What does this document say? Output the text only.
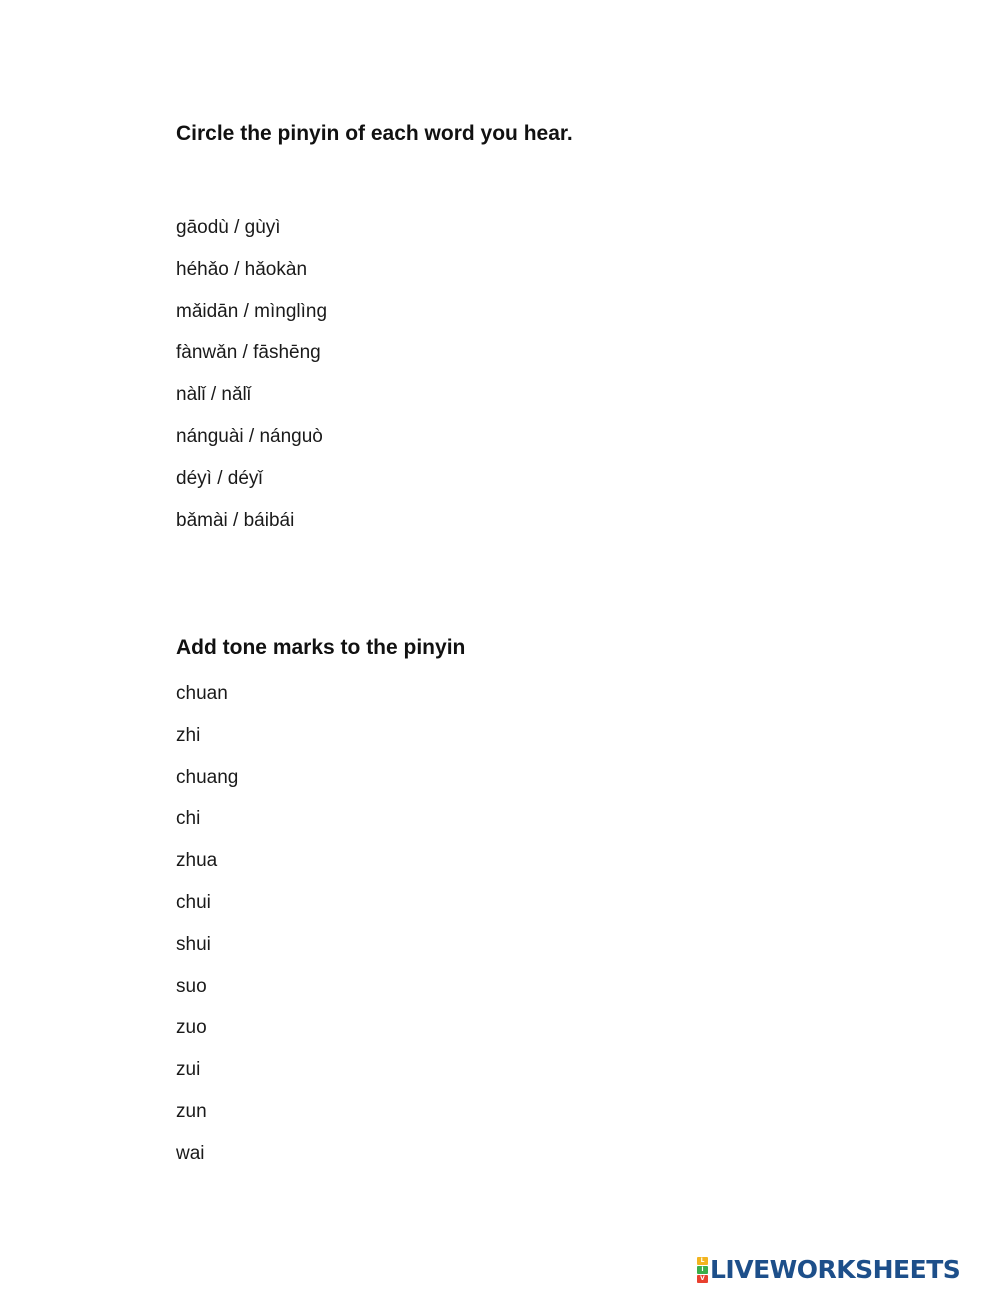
Circle the pinyin of each word you hear.
gāodù / gùyì
héhǎo / hǎokàn
mǎidān / mìnglìng
fànwǎn / fāshēng
nàlǐ / nǎlǐ
nánguài / nánguò
déyì / déyǐ
bǎmài / báibái
Add tone marks to the pinyin
chuan
zhi
chuang
chi
zhua
chui
shui
suo
zuo
zui
zun
wai
L
I
V LIVEWORKSHEETS
